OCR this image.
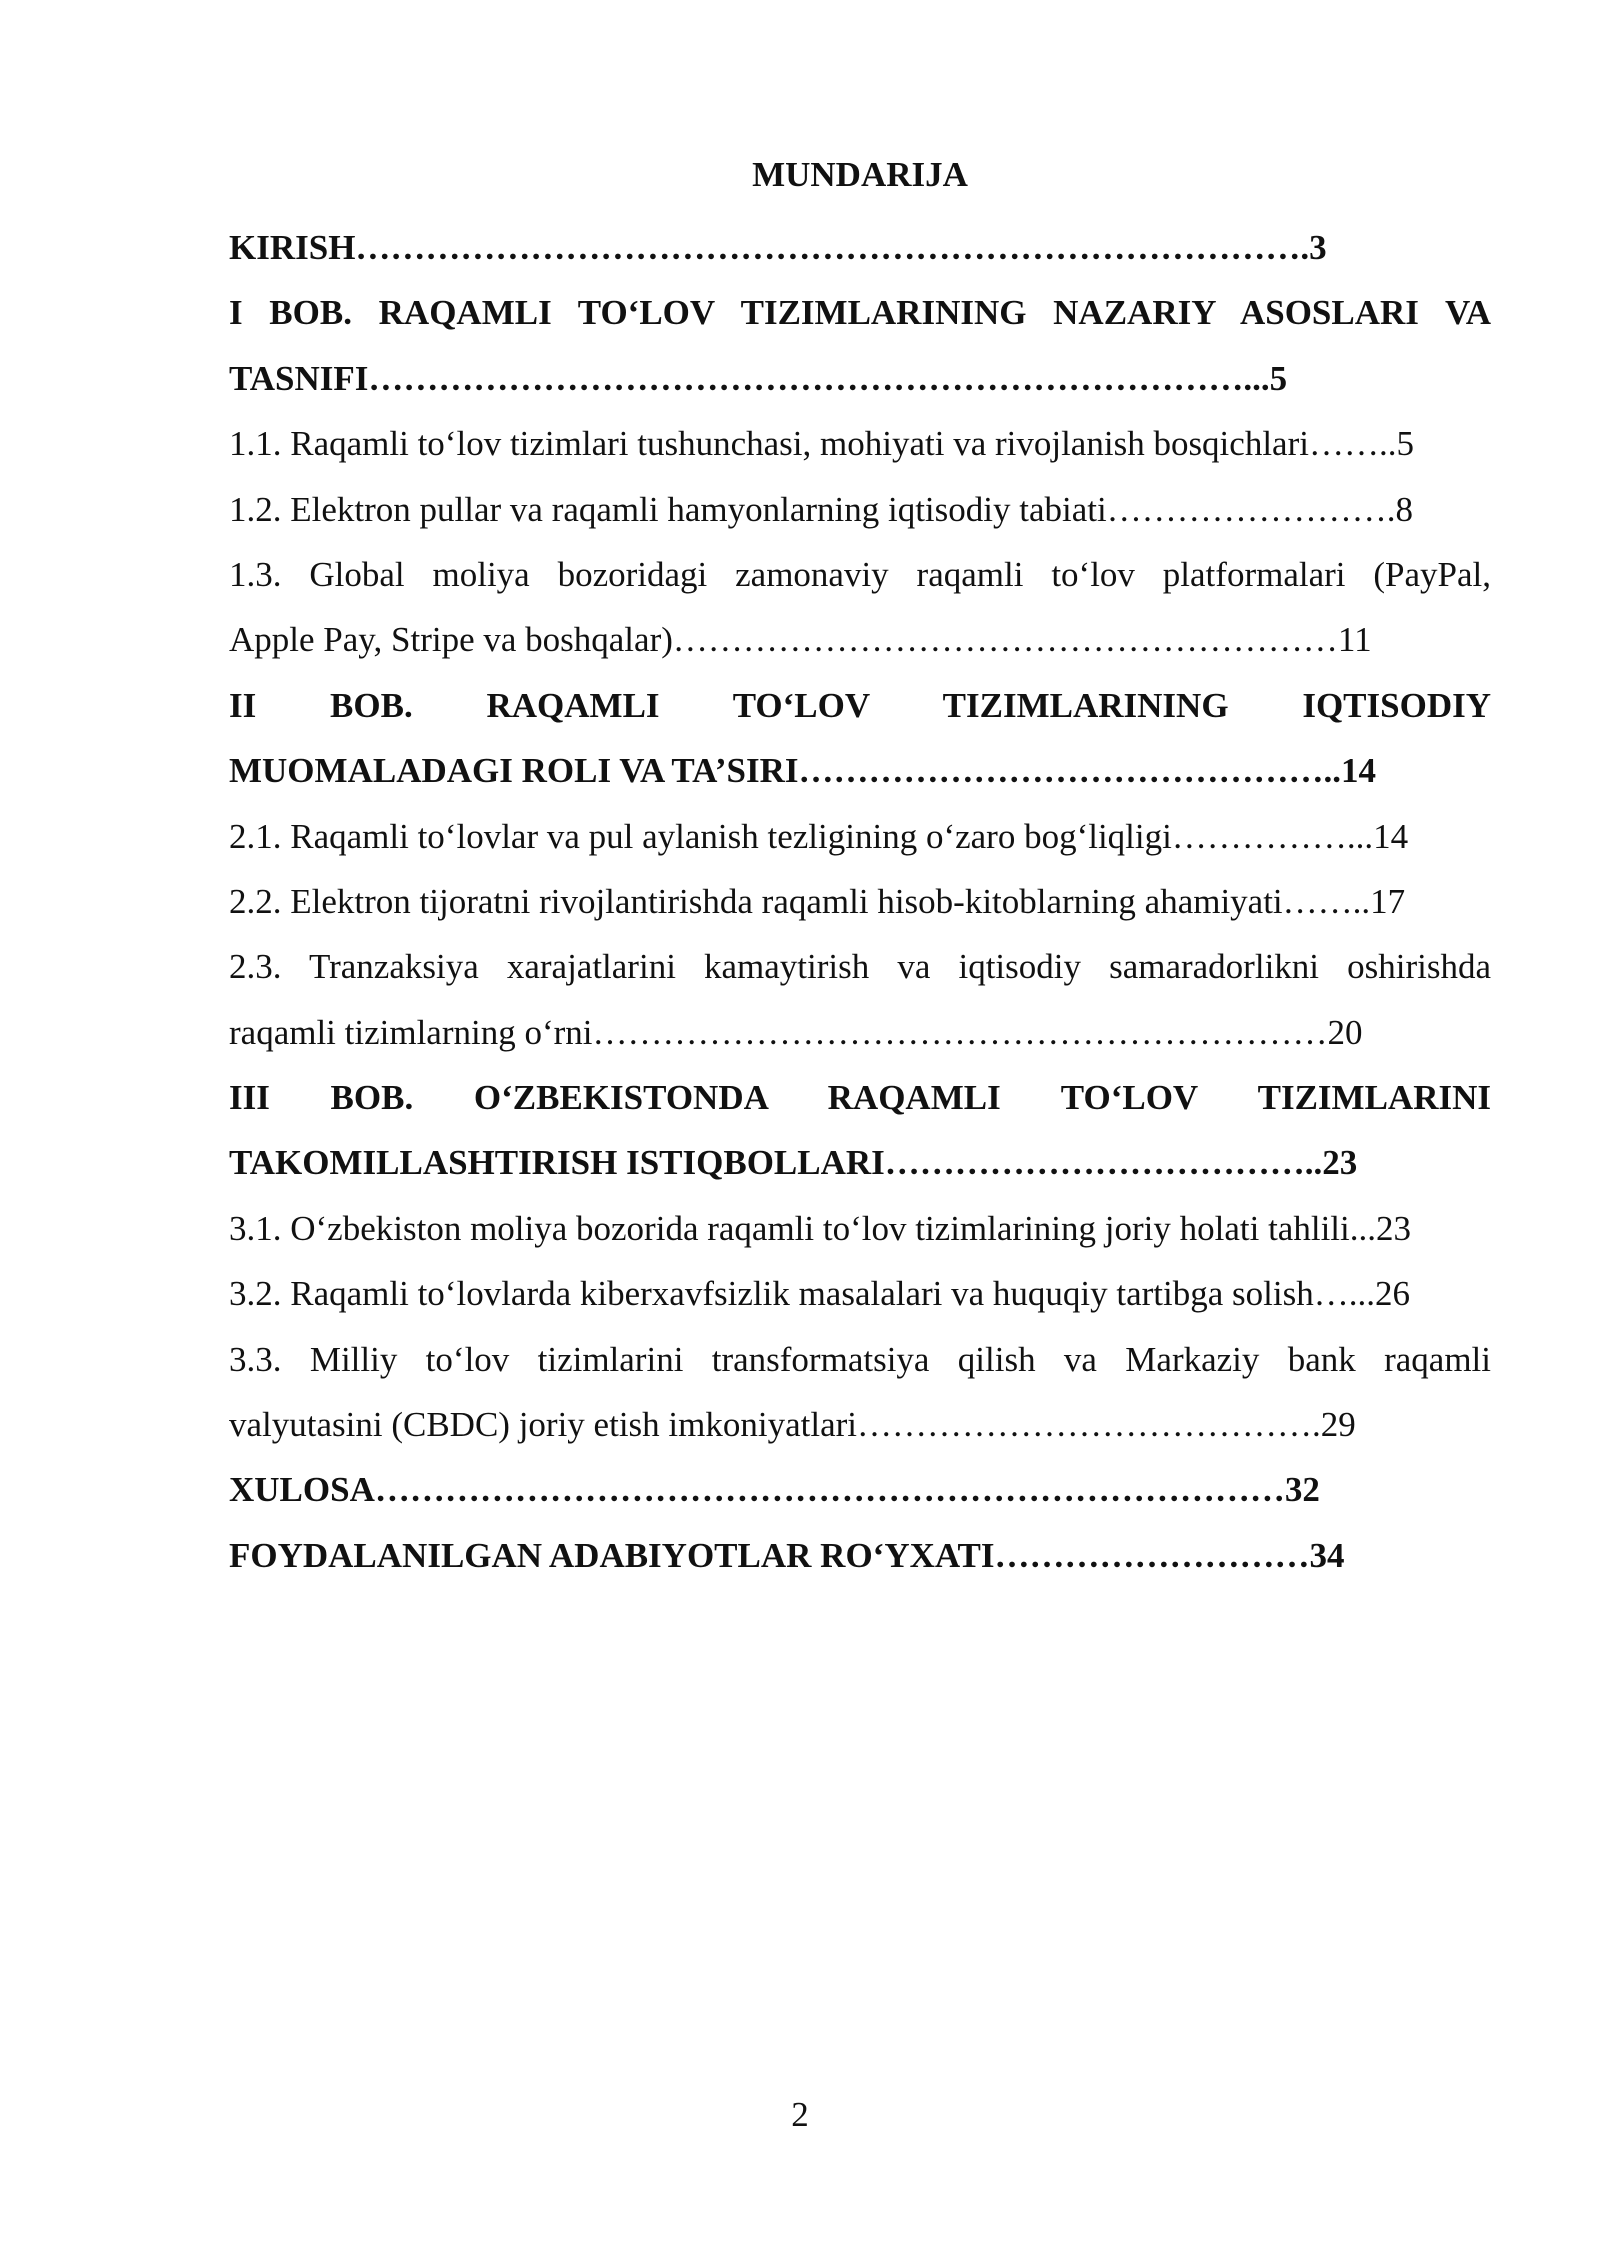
MUNDARIJA
KIRISH……………………………………………………………………….3
I BOB. RAQAMLI TO‘LOV TIZIMLARINING NAZARIY ASOSLARI VA
TASNIFI…………………………………………………………………...5
1.1. Raqamli to‘lov tizimlari tushunchasi, mohiyati va rivojlanish bosqichlari……..5
1.2. Elektron pullar va raqamli hamyonlarning iqtisodiy tabiati…………………….8
1.3. Global moliya bozoridagi zamonaviy raqamli to‘lov platformalari (PayPal,
Apple Pay, Stripe va boshqalar)…………………………………………………11
II BOB. RAQAMLI TO‘LOV TIZIMLARINING IQTISODIY
MUOMALADAGI ROLI VA TA’SIRI………………………………………..14
2.1. Raqamli to‘lovlar va pul aylanish tezligining o‘zaro bog‘liqligi……………...14
2.2. Elektron tijoratni rivojlantirishda raqamli hisob-kitoblarning ahamiyati……..17
2.3. Tranzaksiya xarajatlarini kamaytirish va iqtisodiy samaradorlikni oshirishda
raqamli tizimlarning o‘rni………………………………………………………20
III BOB. O‘ZBEKISTONDA RAQAMLI TO‘LOV TIZIMLARINI
TAKOMILLASHTIRISH ISTIQBOLLARI………………………………..23
3.1. O‘zbekiston moliya bozorida raqamli to‘lov tizimlarining joriy holati tahlili...23
3.2. Raqamli to‘lovlarda kiberxavfsizlik masalalari va huquqiy tartibga solish…...26
3.3. Milliy to‘lov tizimlarini transformatsiya qilish va Markaziy bank raqamli
valyutasini (CBDC) joriy etish imkoniyatlari………………………………….29
XULOSA……………………………………………………………………32
FOYDALANILGAN ADABIYOTLAR RO‘YXATI………………………34
2
